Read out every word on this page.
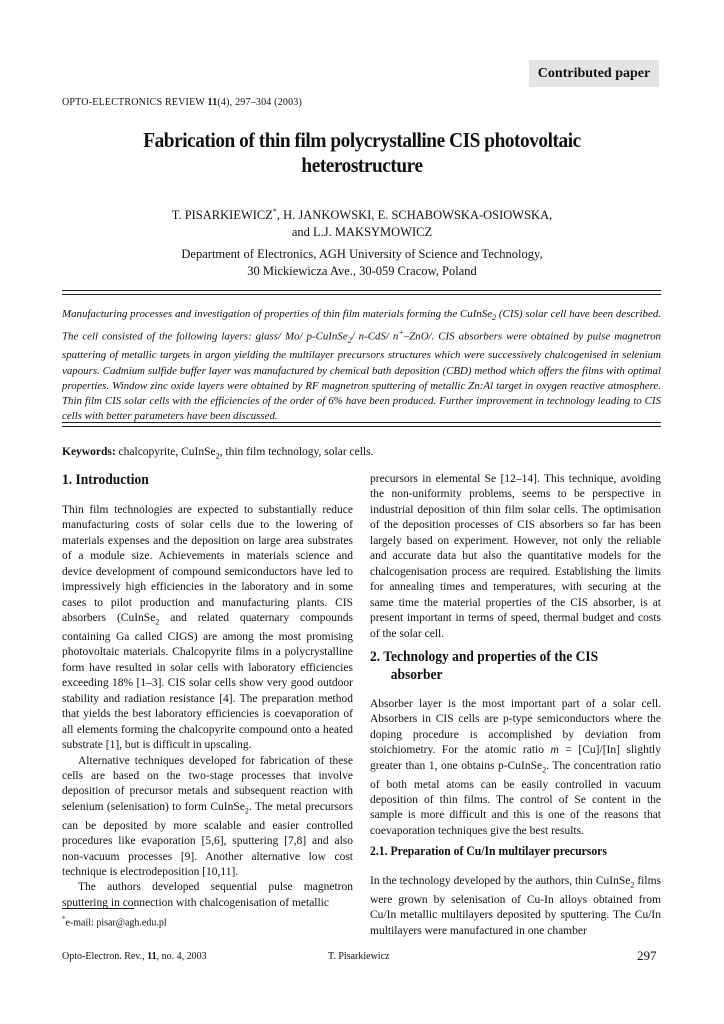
Contributed paper
OPTO-ELECTRONICS REVIEW 11(4), 297–304 (2003)
Fabrication of thin film polycrystalline CIS photovoltaic
heterostructure
T. PISARKIEWICZ*, H. JANKOWSKI, E. SCHABOWSKA-OSIOWSKA,
and L.J. MAKSYMOWICZ
Department of Electronics, AGH University of Science and Technology,
30 Mickiewicza Ave., 30-059 Cracow, Poland
Manufacturing processes and investigation of properties of thin film materials forming the CuInSe$_2$ (CIS) solar cell have been described. The cell consisted of the following layers: glass/ Mo/ p-CuInSe$_2$/ n-CdS/ n+–ZnO/. CIS absorbers were obtained by pulse magnetron sputtering of metallic targets in argon yielding the multilayer precursors structures which were successively chalcogenised in selenium vapours. Cadmium sulfide buffer layer was manufactured by chemical bath deposition (CBD) method which offers the films with optimal properties. Window zinc oxide layers were obtained by RF magnetron sputtering of metallic Zn:Al target in oxygen reactive atmosphere. Thin film CIS solar cells with the efficiencies of the order of 6% have been produced. Further improvement in technology leading to CIS cells with better parameters have been discussed.
Keywords: chalcopyrite, CuInSe$_2$, thin film technology, solar cells.
1. Introduction

Thin film technologies are expected to substantially reduce manufacturing costs of solar cells due to the lowering of materials expenses and the deposition on large area substrates of a module size. Achievements in materials science and device development of compound semiconductors have led to impressively high efficiencies in the laboratory and in some cases to pilot production and manufacturing plants. CIS absorbers (CuInSe$_2$ and related quaternary compounds containing Ga called CIGS) are among the most promising photovoltaic materials. Chalcopyrite films in a polycrystalline form have resulted in solar cells with laboratory efficiencies exceeding 18% [1–3]. CIS solar cells show very good outdoor stability and radiation resistance [4]. The preparation method that yields the best laboratory efficiencies is coevaporation of all elements forming the chalcopyrite compound onto a heated substrate [1], but is difficult in upscaling.

Alternative techniques developed for fabrication of these cells are based on the two-stage processes that involve deposition of precursor metals and subsequent reaction with selenium (selenisation) to form CuInSe$_2$. The metal precursors can be deposited by more scalable and easier controlled procedures like evaporation [5,6], sputtering [7,8] and also non-vacuum processes [9]. Another alternative low cost technique is electrodeposition [10,11].

The authors developed sequential pulse magnetron sputtering in connection with chalcogenisation of metallic

*e-mail: pisar@agh.edu.pl

precursors in elemental Se [12–14]. This technique, avoiding the non-uniformity problems, seems to be perspective in industrial deposition of thin film solar cells. The optimisation of the deposition processes of CIS absorbers so far has been largely based on experiment. However, not only the reliable and accurate data but also the quantitative models for the chalcogenisation process are required. Establishing the limits for annealing times and temperatures, with securing at the same time the material properties of the CIS absorber, is at present important in terms of speed, thermal budget and costs of the solar cell.

2. Technology and properties of the CIS
absorber

Absorber layer is the most important part of a solar cell. Absorbers in CIS cells are p-type semiconductors where the doping procedure is accomplished by deviation from stoichiometry. For the atomic ratio m = [Cu]/[In] slightly greater than 1, one obtains p-CuInSe$_2$. The concentration ratio of both metal atoms can be easily controlled in vacuum deposition of thin films. The control of Se content in the sample is more difficult and this is one of the reasons that coevaporation techniques give the best results.

2.1. Preparation of Cu/In multilayer precursors

In the technology developed by the authors, thin CuInSe$_2$ films were grown by selenisation of Cu-In alloys obtained from Cu/In metallic multilayers deposited by sputtering. The Cu/In multilayers were manufactured in one chamber

Opto-Electron. Rev., 11, no. 4, 2003	T. Pisarkiewicz	297
